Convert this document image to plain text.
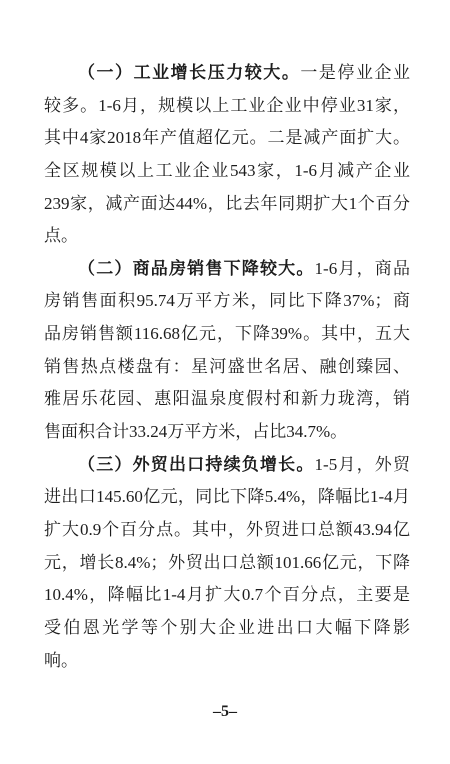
（一）工业增长压力较大。一是停业企业
较多。1-6月，规模以上工业企业中停业31家，
其中4家2018年产值超亿元。二是减产面扩大。
全区规模以上工业企业543家，1-6月减产企业
239家，减产面达44%，比去年同期扩大1个百分
点。
（二）商品房销售下降较大。1-6月，商品
房销售面积95.74万平方米，同比下降37%；商
品房销售额116.68亿元，下降39%。其中，五大
销售热点楼盘有：星河盛世名居、融创臻园、
雅居乐花园、惠阳温泉度假村和新力珑湾，销
售面积合计33.24万平方米，占比34.7%。
（三）外贸出口持续负增长。1-5月，外贸
进出口145.60亿元，同比下降5.4%，降幅比1-4月
扩大0.9个百分点。其中，外贸进口总额43.94亿
元，增长8.4%；外贸出口总额101.66亿元，下降
10.4%，降幅比1-4月扩大0.7个百分点，主要是
受伯恩光学等个别大企业进出口大幅下降影
响。
–5–
